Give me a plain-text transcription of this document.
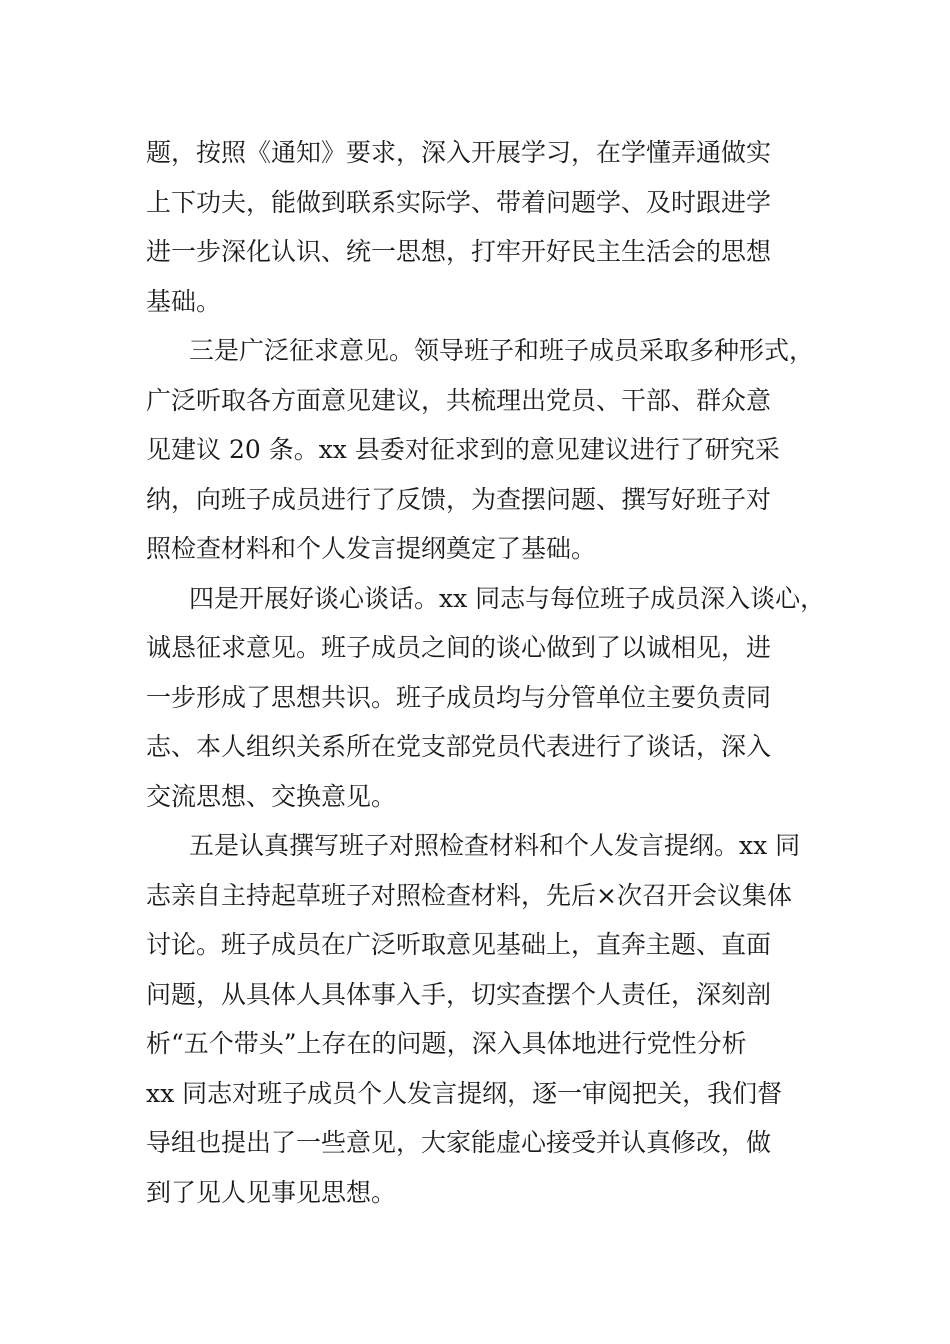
题，按照《通知》要求，深入开展学习，在学懂弄通做实
上下功夫，能做到联系实际学、带着问题学、及时跟进学
进一步深化认识、统一思想，打牢开好民主生活会的思想
基础。
三是广泛征求意见。领导班子和班子成员采取多种形式，
广泛听取各方面意见建议，共梳理出党员、干部、群众意
见建议 20 条。xx 县委对征求到的意见建议进行了研究采
纳，向班子成员进行了反馈，为查摆问题、撰写好班子对
照检查材料和个人发言提纲奠定了基础。
四是开展好谈心谈话。xx 同志与每位班子成员深入谈心，
诚恳征求意见。班子成员之间的谈心做到了以诚相见，进
一步形成了思想共识。班子成员均与分管单位主要负责同
志、本人组织关系所在党支部党员代表进行了谈话，深入
交流思想、交换意见。
五是认真撰写班子对照检查材料和个人发言提纲。xx 同
志亲自主持起草班子对照检查材料，先后×次召开会议集体
讨论。班子成员在广泛听取意见基础上，直奔主题、直面
问题，从具体人具体事入手，切实查摆个人责任，深刻剖
析“五个带头”上存在的问题，深入具体地进行党性分析
xx 同志对班子成员个人发言提纲，逐一审阅把关，我们督
导组也提出了一些意见，大家能虚心接受并认真修改，做
到了见人见事见思想。
